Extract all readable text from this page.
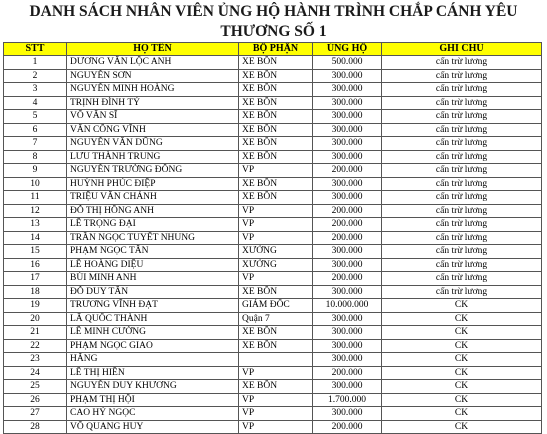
DANH SÁCH NHÂN VIÊN ỦNG HỘ HÀNH TRÌNH CHẮP CÁNH YÊU
THƯƠNG SỐ 1
STT	HỌ TÊN	BỘ PHẬN	ỦNG HỘ	GHI CHÚ
1	DƯƠNG VĂN LỘC ANH	XE BỒN	500.000	cấn trừ lương
2	NGUYỄN SƠN	XE BỒN	300.000	cấn trừ lương
3	NGUYỄN MINH HOÀNG	XE BỒN	300.000	cấn trừ lương
4	TRỊNH ĐÌNH TÝ	XE BỒN	300.000	cấn trừ lương
5	VÕ VĂN SĨ	XE BỒN	300.000	cấn trừ lương
6	VĂN CÔNG VĨNH	XE BỒN	300.000	cấn trừ lương
7	NGUYỄN VĂN DŨNG	XE BỒN	300.000	cấn trừ lương
8	LƯU THÀNH TRUNG	XE BỒN	300.000	cấn trừ lương
9	NGUYỄN TRƯỜNG ĐÔNG	VP	200.000	cấn trừ lương
10	HUỲNH PHÚC ĐIỆP	XE BỒN	300.000	cấn trừ lương
11	TRIỆU VĂN CHÁNH	XE BỒN	300.000	cấn trừ lương
12	ĐỖ THỊ HỒNG ANH	VP	200.000	cấn trừ lương
13	LÊ TRỌNG ĐẠI	VP	200.000	cấn trừ lương
14	TRẦN NGỌC TUYẾT NHUNG	VP	200.000	cấn trừ lương
15	PHẠM NGỌC TÂN	XƯỞNG	300.000	cấn trừ lương
16	LÊ HOÀNG DIỆU	XƯỞNG	300.000	cấn trừ lương
17	BÙI MINH ANH	VP	200.000	cấn trừ lương
18	ĐỖ DUY TÂN	XE BỒN	300.000	cấn trừ lương
19	TRƯƠNG VĨNH ĐẠT	GIÁM ĐỐC	10.000.000	CK
20	LÃ QUỐC THÀNH	Quận 7	300.000	CK
21	LÊ MINH CƯỜNG	XE BỒN	300.000	CK
22	PHẠM NGỌC GIAO	XE BỒN	300.000	CK
23	HẰNG		300.000	CK
24	LÊ THỊ HIỀN	VP	200.000	CK
25	NGUYỄN DUY KHƯƠNG	XE BỒN	300.000	CK
26	PHẠM THỊ HỘI	VP	1.700.000	CK
27	CAO HỶ NGỌC	VP	300.000	CK
28	VÕ QUANG HUY	VP	200.000	CK
